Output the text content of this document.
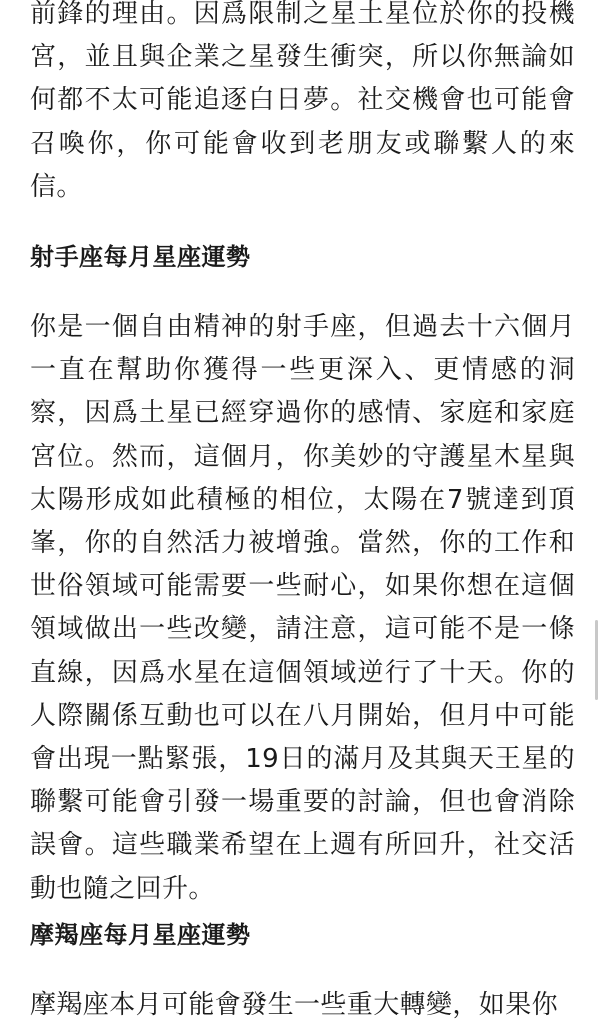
前鋒的理由。因爲限制之星土星位於你的投機宮，並且與企業之星發生衝突，所以你無論如何都不太可能追逐白日夢。社交機會也可能會召喚你，你可能會收到老朋友或聯繫人的來信。

射手座每月星座運勢

你是一個自由精神的射手座，但過去十六個月一直在幫助你獲得一些更深入、更情感的洞察，因爲土星已經穿過你的感情、家庭和家庭宮位。然而，這個月，你美妙的守護星木星與太陽形成如此積極的相位，太陽在7號達到頂峯，你的自然活力被增強。當然，你的工作和世俗領域可能需要一些耐心，如果你想在這個領域做出一些改變，請注意，這可能不是一條直線，因爲水星在這個領域逆行了十天。你的人際關係互動也可以在八月開始，但月中可能會出現一點緊張，19日的滿月及其與天王星的聯繫可能會引發一場重要的討論，但也會消除誤會。這些職業希望在上週有所回升，社交活動也隨之回升。

摩羯座每月星座運勢

摩羯座本月可能會發生一些重大轉變，如果你
